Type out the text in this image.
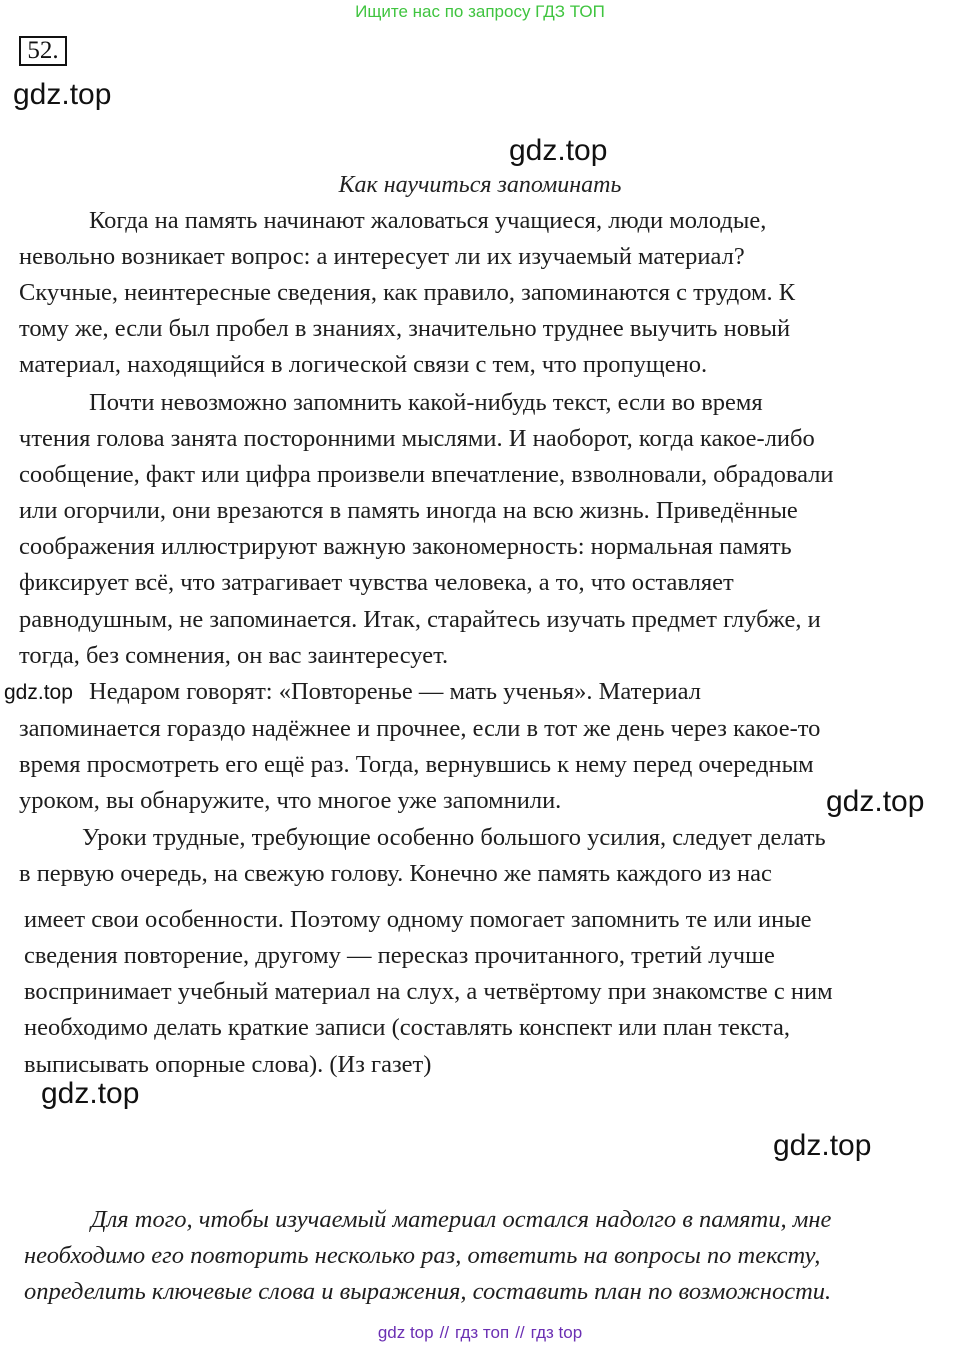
Ищите нас по запросу ГДЗ ТОП
52.
gdz.top
gdz.top
Как научиться запоминать
Когда на память начинают жаловаться учащиеся, люди молодые,
невольно возникает вопрос: а интересует ли их изучаемый материал?
Скучные, неинтересные сведения, как правило, запоминаются с трудом. К
тому же, если был пробел в знаниях, значительно труднее выучить новый
материал, находящийся в логической связи с тем, что пропущено.
Почти невозможно запомнить какой-нибудь текст, если во время
чтения голова занята посторонними мыслями. И наоборот, когда какое-либо
сообщение, факт или цифра произвели впечатление, взволновали, обрадовали
или огорчили, они врезаются в память иногда на всю жизнь. Приведённые
соображения иллюстрируют важную закономерность: нормальная память
фиксирует всё, что затрагивает чувства человека, а то, что оставляет
равнодушным, не запоминается. Итак, старайтесь изучать предмет глубже, и
тогда, без сомнения, он вас заинтересует.
gdz.top Недаром говорят: «Повторенье — мать ученья». Материал
запоминается гораздо надёжнее и прочнее, если в тот же день через какое-то
время просмотреть его ещё раз. Тогда, вернувшись к нему перед очередным
уроком, вы обнаружите, что многое уже запомнили.	gdz.top
Уроки трудные, требующие особенно большого усилия, следует делать
в первую очередь, на свежую голову. Конечно же память каждого из нас
имеет свои особенности. Поэтому одному помогает запомнить те или иные
сведения повторение, другому — пересказ прочитанного, третий лучше
воспринимает учебный материал на слух, а четвёртому при знакомстве с ним
необходимо делать краткие записи (составлять конспект или план текста,
выписывать опорные слова). (Из газет)
gdz.top
gdz.top
Для того, чтобы изучаемый материал остался надолго в памяти, мне
необходимо его повторить несколько раз, ответить на вопросы по тексту,
определить ключевые слова и выражения, составить план по возможности.
gdz top // гдз топ // гдз top
